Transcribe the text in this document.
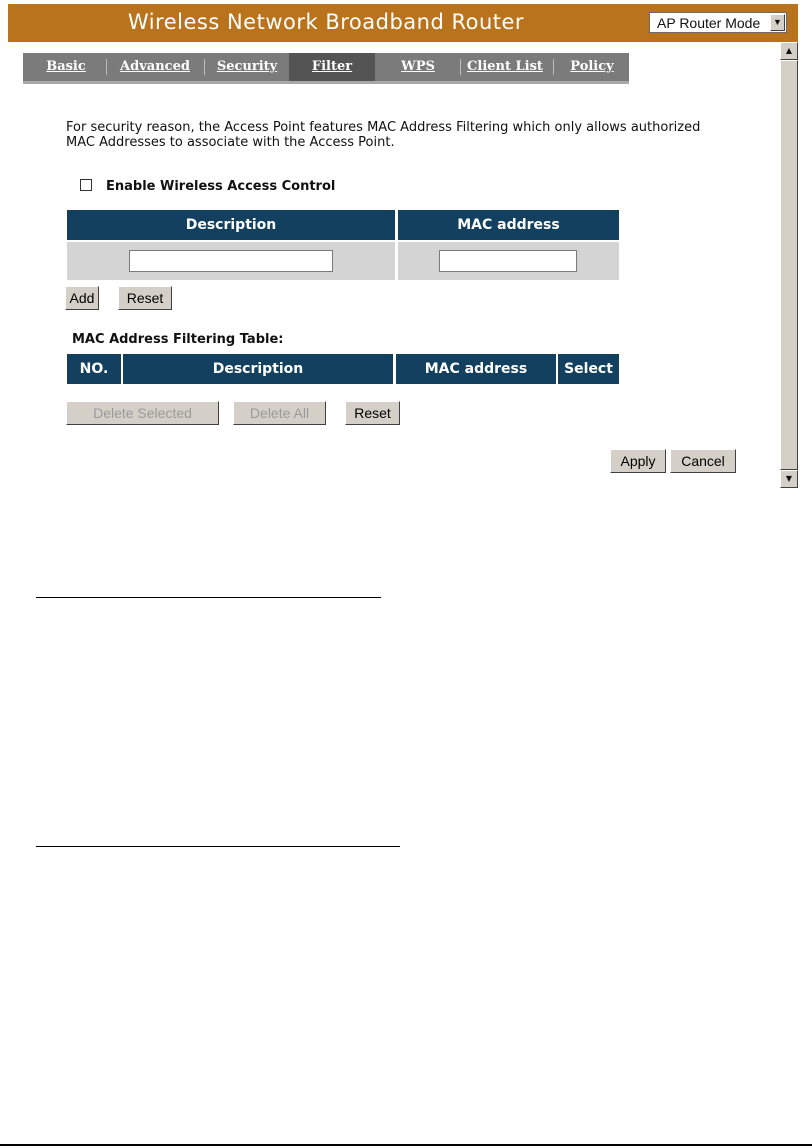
Wireless Network Broadband Router	AP Router Mode	▼
Basic	Advanced	Security	Filter	WPS	Client List	Policy
For security reason, the Access Point features MAC Address Filtering which only allows authorized MAC Addresses to associate with the Access Point.
Enable Wireless Access Control
Description	MAC address
Add	Reset
MAC Address Filtering Table:
NO.	Description	MAC address	Select
Delete Selected	Delete All	Reset
Apply	Cancel
▲
▼
